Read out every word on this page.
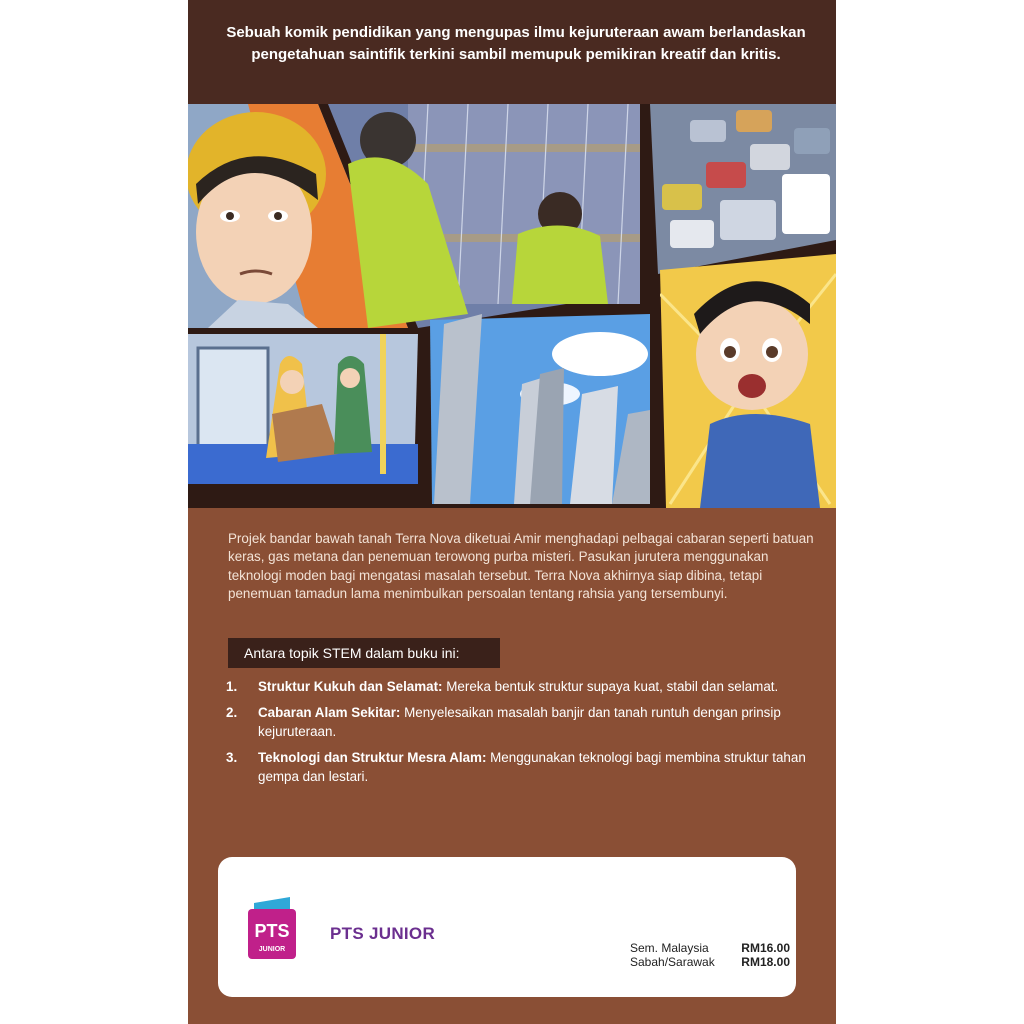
Sebuah komik pendidikan yang mengupas ilmu kejuruteraan awam berlandaskan pengetahuan saintifik terkini sambil memupuk pemikiran kreatif dan kritis.
Projek bandar bawah tanah Terra Nova diketuai Amir menghadapi pelbagai cabaran seperti batuan keras, gas metana dan penemuan terowong purba misteri. Pasukan jurutera menggunakan teknologi moden bagi mengatasi masalah tersebut. Terra Nova akhirnya siap dibina, tetapi penemuan tamadun lama menimbulkan persoalan tentang rahsia yang tersembunyi.
Antara topik STEM dalam buku ini:
1. Struktur Kukuh dan Selamat: Mereka bentuk struktur supaya kuat, stabil dan selamat.
2. Cabaran Alam Sekitar: Menyelesaikan masalah banjir dan tanah runtuh dengan prinsip kejuruteraan.
3. Teknologi dan Struktur Mesra Alam: Menggunakan teknologi bagi membina struktur tahan gempa dan lestari.
PTS
JUNIOR
PTS JUNIOR
Sem. Malaysia	RM16.00
Sabah/Sarawak RM18.00
